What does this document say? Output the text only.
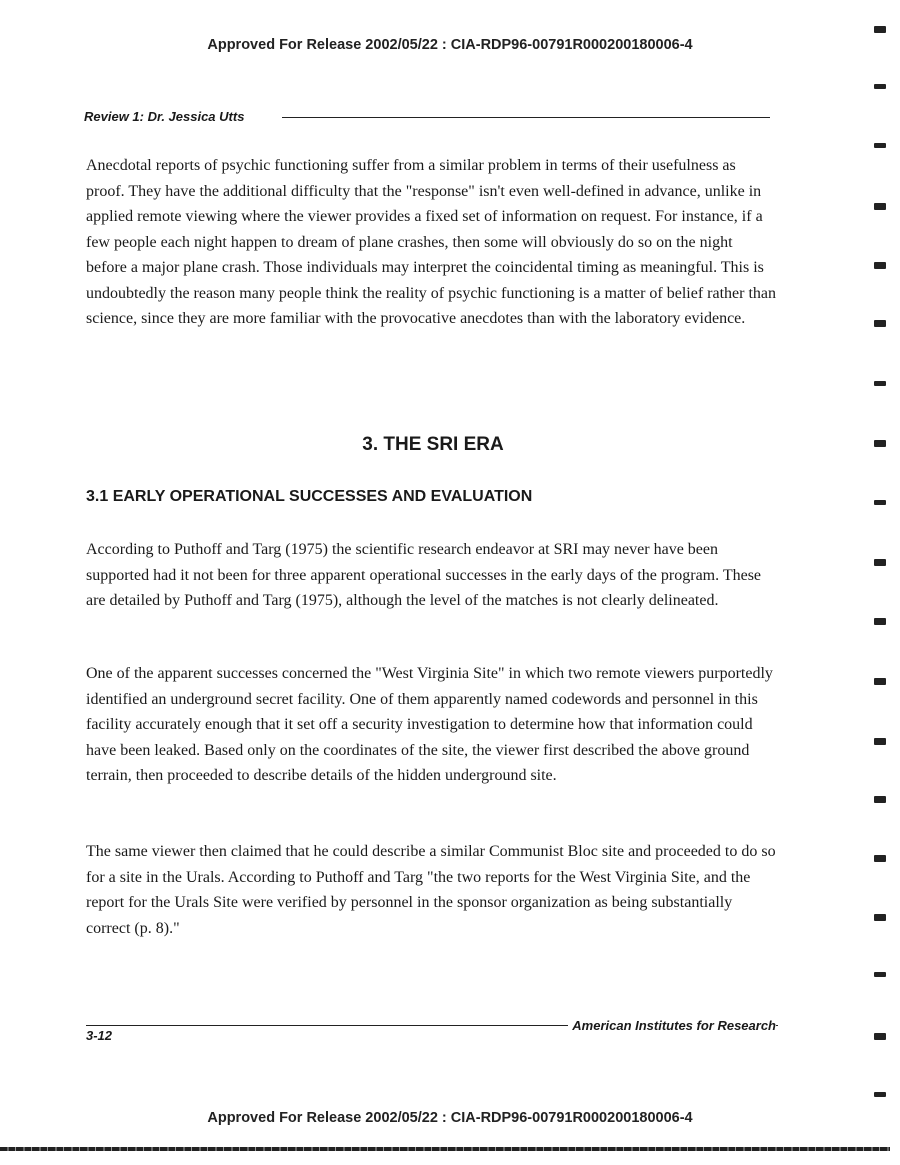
Approved For Release 2002/05/22 : CIA-RDP96-00791R000200180006-4
Review 1: Dr. Jessica Utts

Anecdotal reports of psychic functioning suffer from a similar problem in terms of their usefulness as proof. They have the additional difficulty that the "response" isn't even well-defined in advance, unlike in applied remote viewing where the viewer provides a fixed set of information on request. For instance, if a few people each night happen to dream of plane crashes, then some will obviously do so on the night before a major plane crash. Those individuals may interpret the coincidental timing as meaningful. This is undoubtedly the reason many people think the reality of psychic functioning is a matter of belief rather than science, since they are more familiar with the provocative anecdotes than with the laboratory evidence.

3. THE SRI ERA
3.1 EARLY OPERATIONAL SUCCESSES AND EVALUATION

According to Puthoff and Targ (1975) the scientific research endeavor at SRI may never have been supported had it not been for three apparent operational successes in the early days of the program. These are detailed by Puthoff and Targ (1975), although the level of the matches is not clearly delineated.

One of the apparent successes concerned the "West Virginia Site" in which two remote viewers purportedly identified an underground secret facility. One of them apparently named codewords and personnel in this facility accurately enough that it set off a security investigation to determine how that information could have been leaked. Based only on the coordinates of the site, the viewer first described the above ground terrain, then proceeded to describe details of the hidden underground site.

The same viewer then claimed that he could describe a similar Communist Bloc site and proceeded to do so for a site in the Urals. According to Puthoff and Targ "the two reports for the West Virginia Site, and the report for the Urals Site were verified by personnel in the sponsor organization as being substantially correct (p. 8)."

3-12
American Institutes for Research
Approved For Release 2002/05/22 : CIA-RDP96-00791R000200180006-4
